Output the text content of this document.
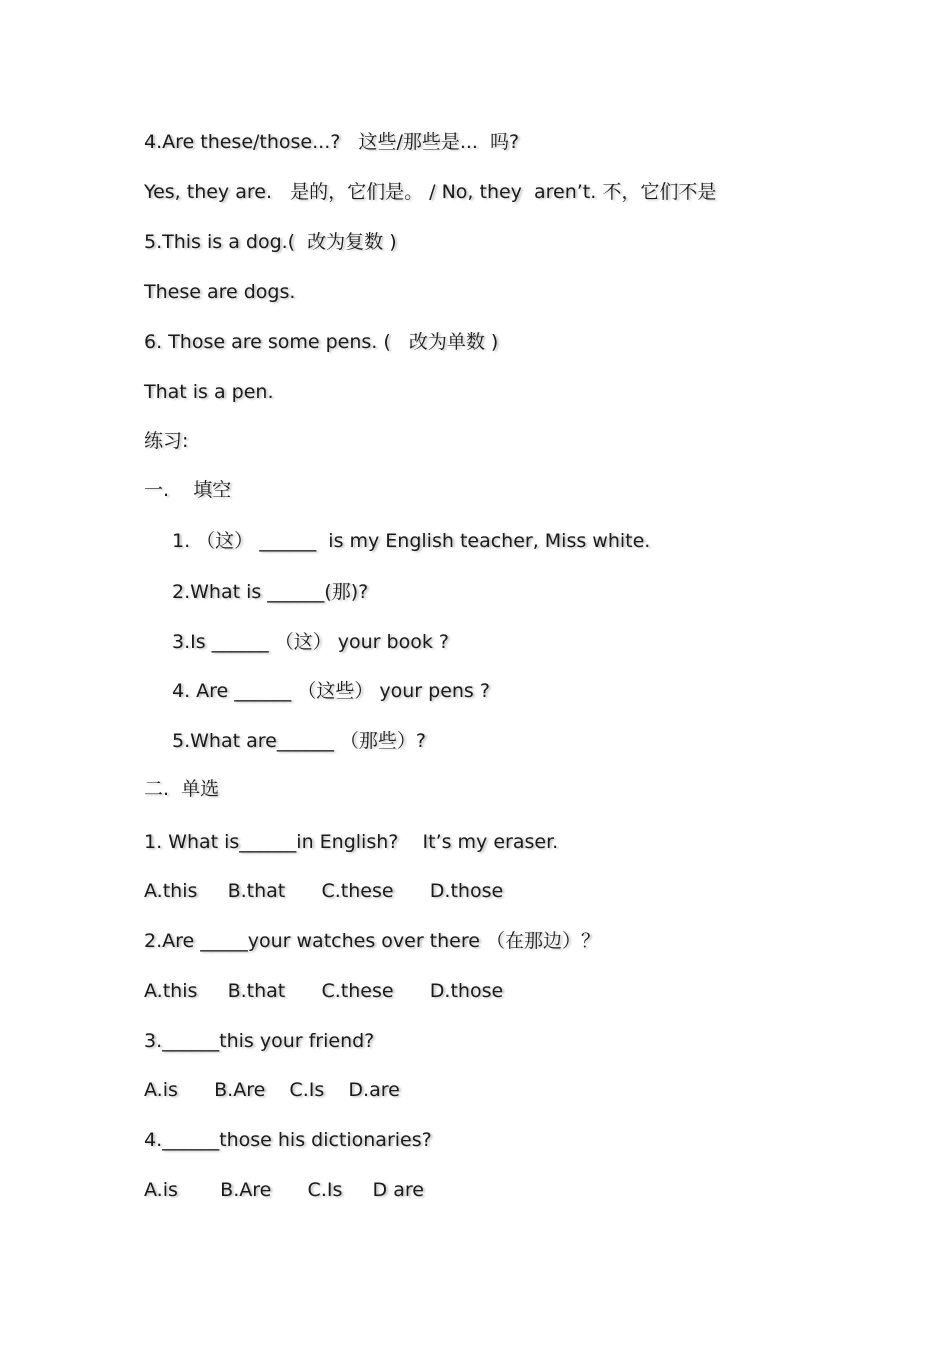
4.Are these/those...?   这些/那些是...  吗?
Yes, they are.   是的，它们是。 / No, they  aren’t. 不，它们不是
5.This is a dog.(  改为复数 )
These are dogs.
6. Those are some pens. (   改为单数 )
That is a pen.
练习:
一.    填空
1. （这） ______  is my English teacher, Miss white.
2.What is ______(那)?
3.Is ______ （这） your book ?
4. Are ______ （这些） your pens ?
5.What are______ （那些）?
二.  单选
1. What is______in English?    It’s my eraser.
A.this     B.that      C.these      D.those
2.Are _____your watches over there （在那边）？
A.this     B.that      C.these      D.those
3.______this your friend?
A.is      B.Are    C.Is    D.are
4.______those his dictionaries?
A.is       B.Are      C.Is     D are
